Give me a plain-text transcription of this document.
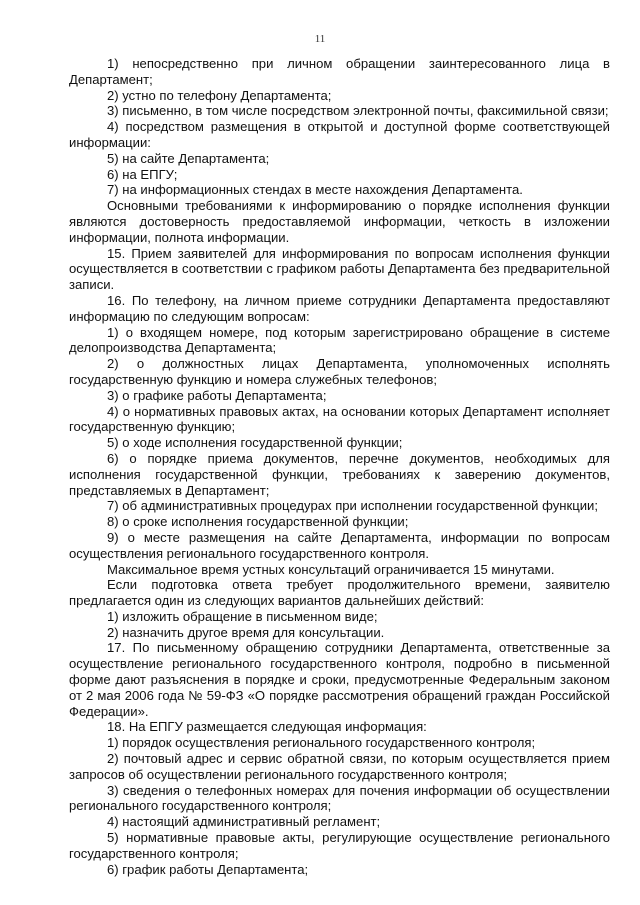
11

1) непосредственно при личном обращении заинтересованного лица в Департамент;

2) устно по телефону Департамента;

3) письменно, в том числе посредством электронной почты, факсимильной связи;

4) посредством размещения в открытой и доступной форме соответствующей информации:

5) на сайте Департамента;

6) на ЕПГУ;

7) на информационных стендах в месте нахождения Департамента.

Основными требованиями к информированию о порядке исполнения функции являются достоверность предоставляемой информации, четкость в изложении информации, полнота информации.

15. Прием заявителей для информирования по вопросам исполнения функции осуществляется в соответствии с графиком работы Департамента без предварительной записи.

16. По телефону, на личном приеме сотрудники Департамента предоставляют информацию по следующим вопросам:

1) о входящем номере, под которым зарегистрировано обращение в системе делопроизводства Департамента;

2) о должностных лицах Департамента, уполномоченных исполнять государственную функцию и номера служебных телефонов;

3) о графике работы Департамента;

4) о нормативных правовых актах, на основании которых Департамент исполняет государственную функцию;

5) о ходе исполнения государственной функции;

6) о порядке приема документов, перечне документов, необходимых для исполнения государственной функции, требованиях к заверению документов, представляемых в Департамент;

7) об административных процедурах при исполнении государственной функции;

8) о сроке исполнения государственной функции;

9) о месте размещения на сайте Департамента, информации по вопросам осуществления регионального государственного контроля.

Максимальное время устных консультаций ограничивается 15 минутами.

Если подготовка ответа требует продолжительного времени, заявителю предлагается один из следующих вариантов дальнейших действий:

1) изложить обращение в письменном виде;

2) назначить другое время для консультации.

17. По письменному обращению сотрудники Департамента, ответственные за осуществление регионального государственного контроля, подробно в письменной форме дают разъяснения в порядке и сроки, предусмотренные Федеральным законом от 2 мая 2006 года № 59-ФЗ «О порядке рассмотрения обращений граждан Российской Федерации».

18. На ЕПГУ размещается следующая информация:

1) порядок осуществления регионального государственного контроля;

2) почтовый адрес и сервис обратной связи, по которым осуществляется прием запросов об осуществлении регионального государственного контроля;

3) сведения о телефонных номерах для почения информации об осуществлении регионального государственного контроля;

4) настоящий административный регламент;

5) нормативные правовые акты, регулирующие осуществление регионального государственного контроля;

6) график работы Департамента;
